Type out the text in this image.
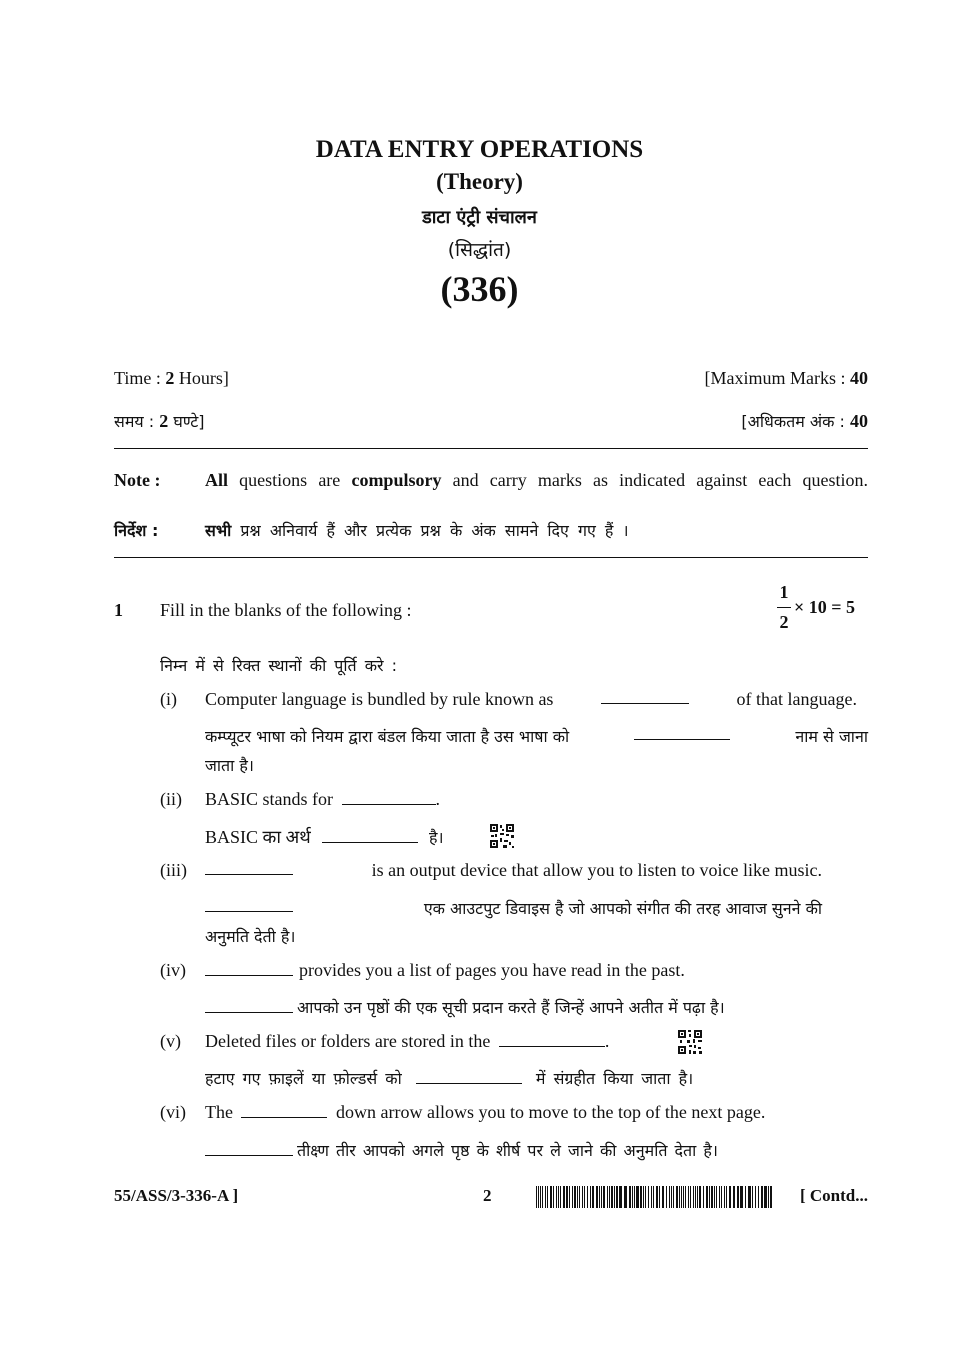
DATA ENTRY OPERATIONS
(Theory)
डाटा एंट्री संचालन
(सिद्धांत)
(336)
Time : 2 Hours]	[Maximum Marks : 40
समय : 2 घण्टे]	[अधिकतम अंक : 40
Note : All questions are compulsory and carry marks as indicated against each question.
निर्देश :	सभी प्रश्न अनिवार्य हैं और प्रत्येक प्रश्न के अंक सामने दिए गए हैं ।
1 Fill in the blanks of the following :
1
2
× 10 = 5
निम्न में से रिक्त स्थानों की पूर्ति करे :
(i) Computer language is bundled by rule known as	of that language.
कम्प्यूटर भाषा को नियम द्वारा बंडल किया जाता है उस भाषा को	नाम से जाना
जाता है।
(ii) BASIC stands for	.
BASIC का अर्थ	है।
(iii)	is an output device that allow you to listen to voice like music.
एक आउटपुट डिवाइस है जो आपको संगीत की तरह आवाज सुनने की
अनुमति देती है।
(iv)	provides you a list of pages you have read in the past.
आपको उन पृष्ठों की एक सूची प्रदान करते हैं जिन्हें आपने अतीत में पढ़ा है।
(v) Deleted files or folders are stored in the	.
हटाए गए फ़ाइलें या फ़ोल्डर्स को	में संग्रहीत किया जाता है।
(vi) The	down arrow allows you to move to the top of the next page.
तीक्ष्ण तीर आपको अगले पृष्ठ के शीर्ष पर ले जाने की अनुमति देता है।
55/ASS/3-336-A ]	2	[ Contd...
